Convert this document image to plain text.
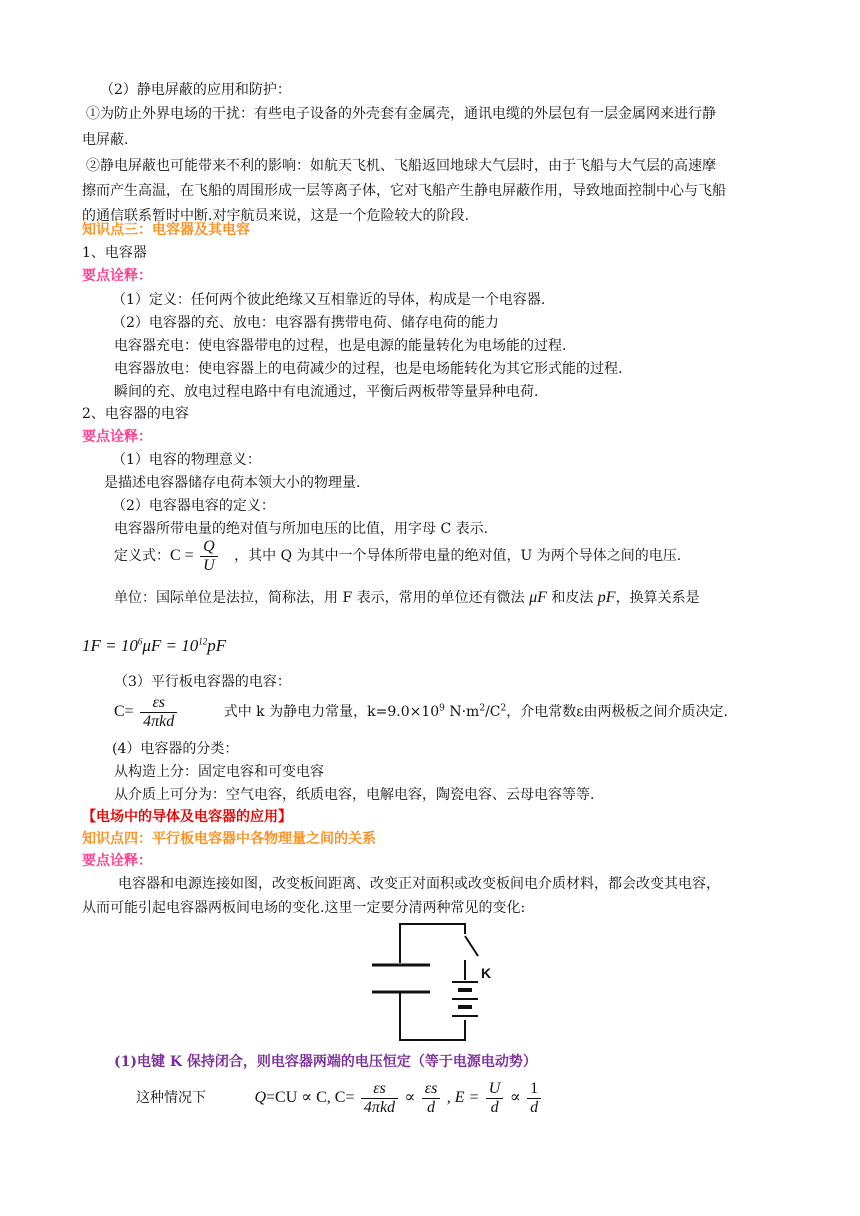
（2）静电屏蔽的应用和防护：
①为防止外界电场的干扰：有些电子设备的外壳套有金属壳，通讯电缆的外层包有一层金属网来进行静
电屏蔽.
②静电屏蔽也可能带来不利的影响：如航天飞机、飞船返回地球大气层时，由于飞船与大气层的高速摩
擦而产生高温，在飞船的周围形成一层等离子体，它对飞船产生静电屏蔽作用，导致地面控制中心与飞船
的通信联系暂时中断.对宇航员来说，这是一个危险较大的阶段.
知识点三：电容器及其电容
1、电容器
要点诠释：
（1）定义：任何两个彼此绝缘又互相靠近的导体，构成是一个电容器.
（2）电容器的充、放电：电容器有携带电荷、储存电荷的能力
电容器充电：使电容器带电的过程，也是电源的能量转化为电场能的过程.
电容器放电：使电容器上的电荷减少的过程，也是电场能转化为其它形式能的过程.
瞬间的充、放电过程电路中有电流通过，平衡后两板带等量异种电荷.
2、电容器的电容
要点诠释：
（1）电容的物理意义：
是描述电容器储存电荷本领大小的物理量.
（2）电容器电容的定义：
电容器所带电量的绝对值与所加电压的比值，用字母 C 表示.
定义式：$C = \frac{Q}{U}$ ，其中 Q 为其中一个导体所带电量的绝对值，U 为两个导体之间的电压.
单位：国际单位是法拉，简称法，用 F 表示，常用的单位还有微法 μF 和皮法 pF，换算关系是
$1F = 10^6\mu F = 10^{12}pF$
（3）平行板电容器的电容：
$C= \frac{\varepsilon s}{\text{4πkd}}$	式中 k 为静电力常量，$k=9.0\times 10^9$ $N\cdot m^2/C^2$，介电常数ε由两极板之间介质决定.
(4）电容器的分类：
从构造上分：固定电容和可变电容
从介质上可分为：空气电容，纸质电容，电解电容，陶瓷电容、云母电容等等.
【电场中的导体及电容器的应用】
知识点四：平行板电容器中各物理量之间的关系
要点诠释：
电容器和电源连接如图，改变板间距离、改变正对面积或改变板间电介质材料，都会改变其电容，
从而可能引起电容器两板间电场的变化.这里一定要分清两种常见的变化:
K
(1)电键 K 保持闭合，则电容器两端的电压恒定（等于电源电动势）
这种情况下	Q=CU ∝ C, $C= \frac{\varepsilon s}{\text{4πkd}} \propto \frac{\varepsilon s}{d}$ , $E = \frac{U}{d} \propto \frac{1}{d}$
